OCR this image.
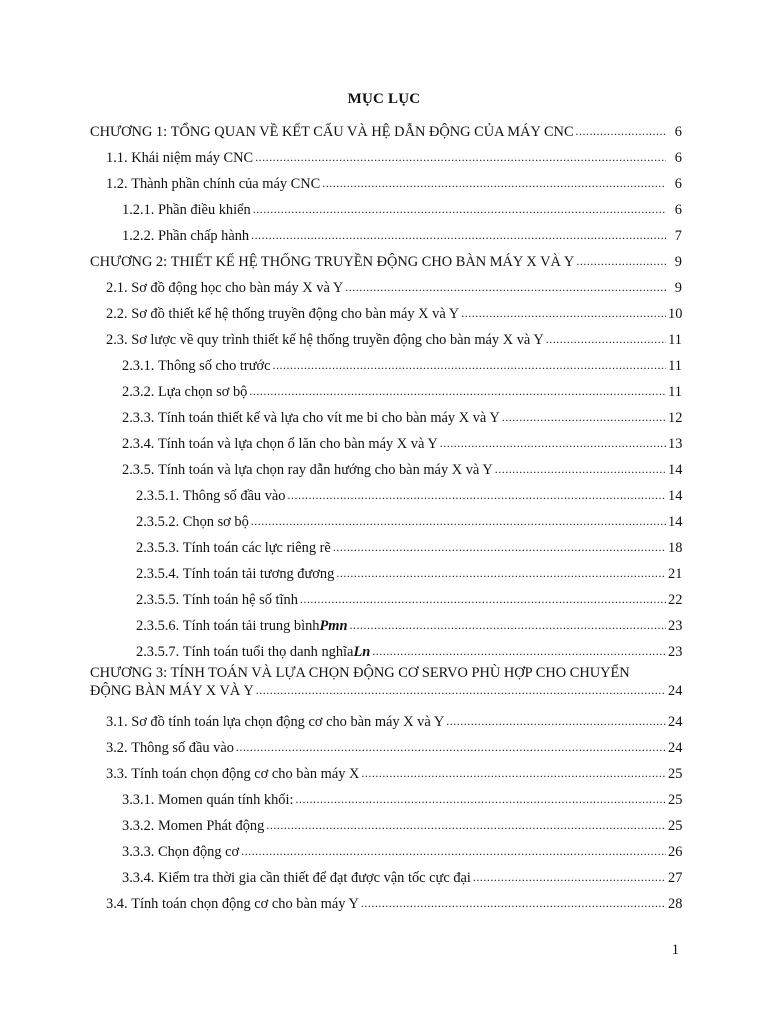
MỤC LỤC
CHƯƠNG 1: TỔNG QUAN VỀ KẾT CẤU VÀ HỆ DẪN ĐỘNG CỦA MÁY CNC .....	6
1.1. Khái niệm máy CNC .....	6
1.2. Thành phần chính của máy CNC .....	6
1.2.1. Phần điều khiển .....	6
1.2.2. Phần chấp hành .....	7
CHƯƠNG 2: THIẾT KẾ HỆ THỐNG TRUYỀN ĐỘNG CHO BÀN MÁY X VÀ Y .....	9
2.1. Sơ đồ động học cho bàn máy X và Y .....	9
2.2. Sơ đồ thiết kế hệ thống truyền động cho bàn máy X và Y .....	10
2.3. Sơ lược về quy trình thiết kế hệ thống truyền động cho bàn máy X và Y .....	11
2.3.1. Thông số cho trước .....	11
2.3.2. Lựa chọn sơ bộ .....	11
2.3.3. Tính toán thiết kế và lựa cho vít me bi cho bàn máy X và Y .....	12
2.3.4. Tính toán và lựa chọn ổ lăn cho bàn máy X và Y .....	13
2.3.5. Tính toán và lựa chọn ray dẫn hướng cho bàn máy X và Y .....	14
2.3.5.1. Thông số đầu vào .....	14
2.3.5.2. Chọn sơ bộ .....	14
2.3.5.3. Tính toán các lực riêng rẽ .....	18
2.3.5.4. Tính toán tải tương đương .....	21
2.3.5.5. Tính toán hệ số tĩnh .....	22
2.3.5.6. Tính toán tải trung bình Pmn .....	23
2.3.5.7. Tính toán tuổi thọ danh nghĩa Ln .....	23
CHƯƠNG 3: TÍNH TOÁN VÀ LỰA CHỌN ĐỘNG CƠ SERVO PHÙ HỢP CHO CHUYỂN
ĐỘNG BÀN MÁY X VÀ Y .....	24
3.1. Sơ đồ tính toán lựa chọn động cơ cho bàn máy X và Y .....	24
3.2. Thông số đầu vào .....	24
3.3. Tính toán chọn động cơ cho bàn máy X .....	25
3.3.1. Momen quán tính khối: .....	25
3.3.2. Momen Phát động .....	25
3.3.3. Chọn động cơ .....	26
3.3.4. Kiểm tra thời gia cần thiết để đạt được vận tốc cực đại .....	27
3.4. Tính toán chọn động cơ cho bàn máy Y .....	28
1
